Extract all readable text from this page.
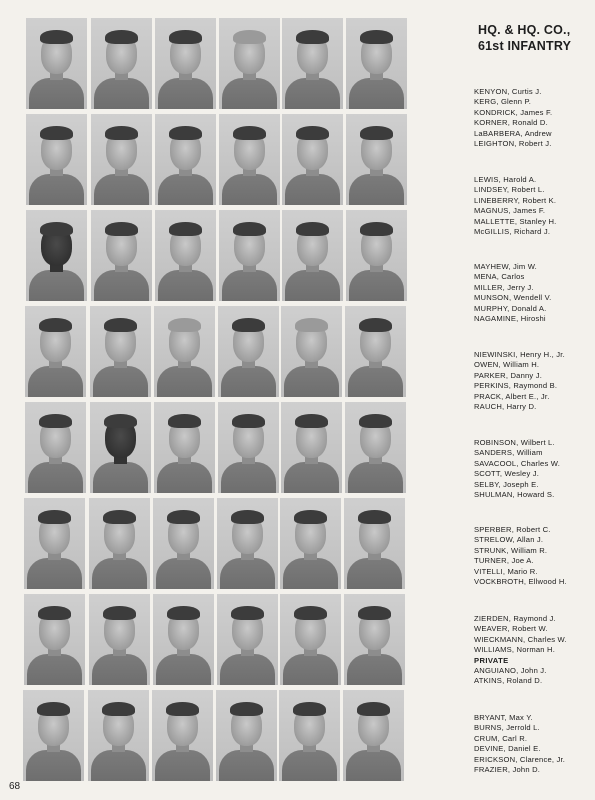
HQ. & HQ. CO.,
61st INFANTRY
KENYON, Curtis J.
KERG, Glenn P.
KONDRICK, James F.
KORNER, Ronald D.
LaBARBERA, Andrew
LEIGHTON, Robert J.
LEWIS, Harold A.
LINDSEY, Robert L.
LINEBERRY, Robert K.
MAGNUS, James F.
MALLETTE, Stanley H.
McGILLIS, Richard J.
MAYHEW, Jim W.
MENA, Carlos
MILLER, Jerry J.
MUNSON, Wendell V.
MURPHY, Donald A.
NAGAMINE, Hiroshi
NIEWINSKI, Henry H., Jr.
OWEN, William H.
PARKER, Danny J.
PERKINS, Raymond B.
PRACK, Albert E., Jr.
RAUCH, Harry D.
ROBINSON, Wilbert L.
SANDERS, William
SAVACOOL, Charles W.
SCOTT, Wesley J.
SELBY, Joseph E.
SHULMAN, Howard S.
SPERBER, Robert C.
STRELOW, Allan J.
STRUNK, William R.
TURNER, Joe A.
VITELLI, Mario R.
VOCKBROTH, Ellwood H.
ZIERDEN, Raymond J.
WEAVER, Robert W.
WIECKMANN, Charles W.
WILLIAMS, Norman H.
PRIVATE
ANGUIANO, John J.
ATKINS, Roland D.
BRYANT, Max Y.
BURNS, Jerrold L.
CRUM, Carl R.
DEVINE, Daniel E.
ERICKSON, Clarence, Jr.
FRAZIER, John D.
68
